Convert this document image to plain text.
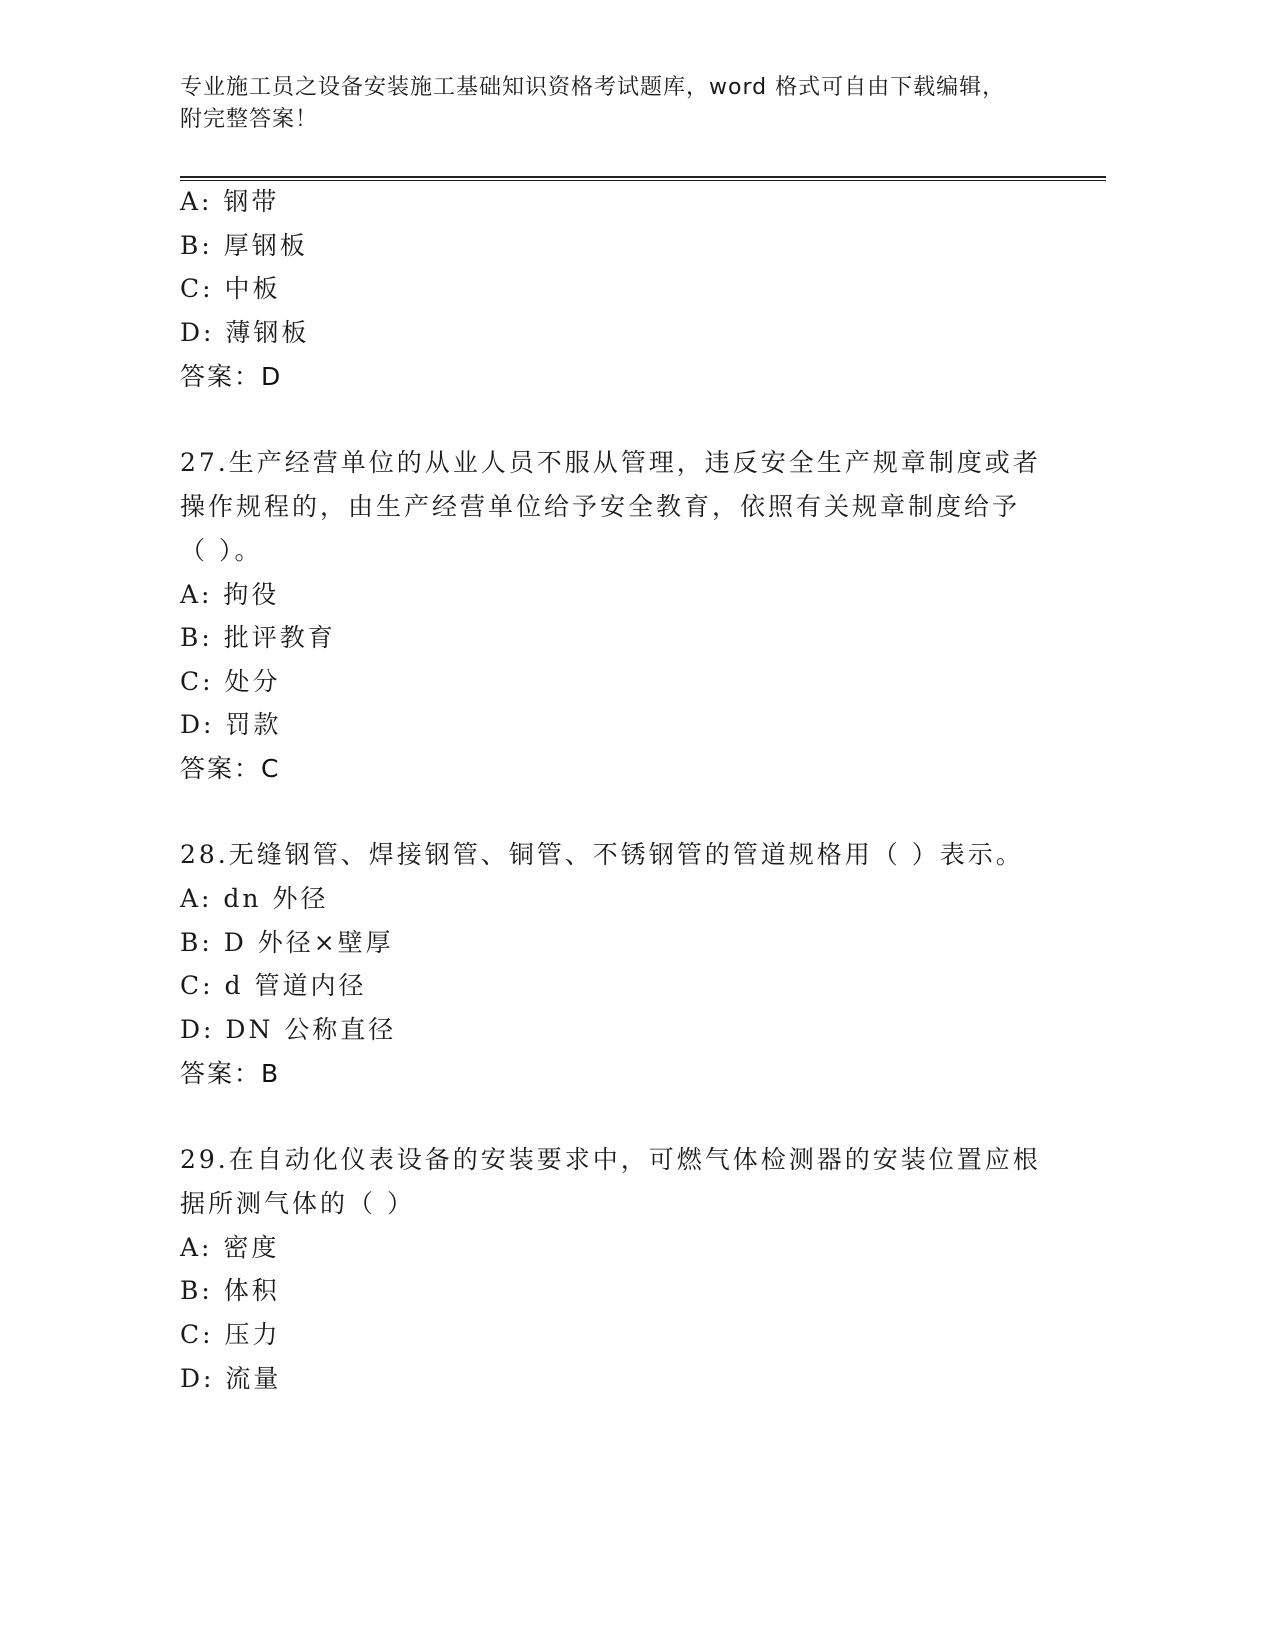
专业施工员之设备安装施工基础知识资格考试题库，word 格式可自由下载编辑，
附完整答案！
A: 钢带
B: 厚钢板
C: 中板
D: 薄钢板
答案：D
27.生产经营单位的从业人员不服从管理，违反安全生产规章制度或者
操作规程的，由生产经营单位给予安全教育，依照有关规章制度给予
（ ）。
A: 拘役
B: 批评教育
C: 处分
D: 罚款
答案：C
28.无缝钢管、焊接钢管、铜管、不锈钢管的管道规格用（ ）表示。
A: dn 外径
B: D 外径×壁厚
C: d 管道内径
D: DN 公称直径
答案：B
29.在自动化仪表设备的安装要求中，可燃气体检测器的安装位置应根
据所测气体的（ ）
A: 密度
B: 体积
C: 压力
D: 流量
